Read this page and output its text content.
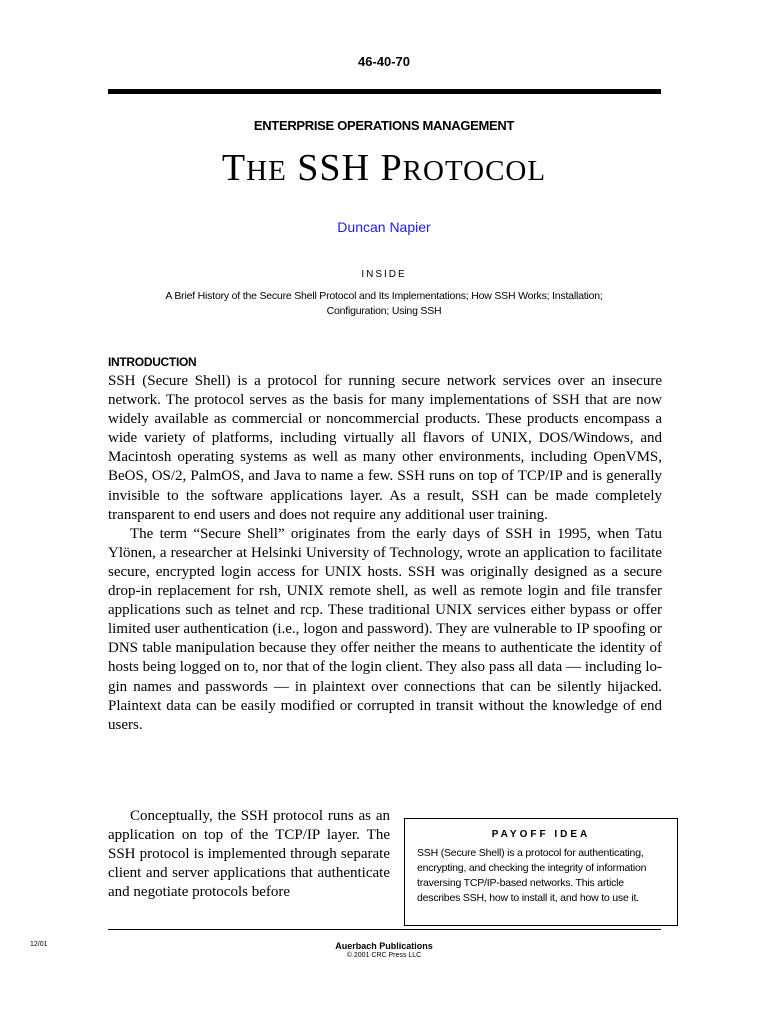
46-40-70
ENTERPRISE OPERATIONS MANAGEMENT
THE SSH PROTOCOL
Duncan Napier
INSIDE
A Brief History of the Secure Shell Protocol and Its Implementations; How SSH Works; Installation; Configuration; Using SSH
INTRODUCTION

SSH (Secure Shell) is a protocol for running secure network services over an insecure network. The protocol serves as the basis for many implementations of SSH that are now widely available as commercial or noncommercial products. These products encompass a wide variety of platforms, including virtually all flavors of UNIX, DOS/Windows, and Macintosh operating systems as well as many other environments, including OpenVMS, BeOS, OS/2, PalmOS, and Java to name a few. SSH runs on top of TCP/IP and is generally invisible to the software applications layer. As a result, SSH can be made completely transparent to end users and does not require any additional user training.

The term “Secure Shell” originates from the early days of SSH in 1995, when Tatu Ylönen, a researcher at Helsinki University of Technology, wrote an application to facilitate secure, encrypted login access for UNIX hosts. SSH was originally designed as a secure drop-in replacement for rsh, UNIX remote shell, as well as remote login and file transfer applications such as telnet and rcp. These traditional UNIX services either bypass or offer limited user authentication (i.e., logon and password). They are vulnerable to IP spoofing or DNS table manipulation because they offer neither the means to authenticate the identity of hosts being logged on to, nor that of the login client. They also pass all data — including login names and passwords — in plaintext over connections that can be silently hijacked. Plaintext data can be easily modified or corrupted in transit without the knowledge of end users.

Conceptually, the SSH protocol runs as an application on top of the TCP/IP layer. The SSH protocol is implemented through separate client and server applications that authenticate and negotiate protocols before

PAYOFF IDEA
SSH (Secure Shell) is a protocol for authenticating, encrypting, and checking the integrity of information traversing TCP/IP-based networks. This article describes SSH, how to install it, and how to use it.
12/01	Auerbach Publications
© 2001 CRC Press LLC
